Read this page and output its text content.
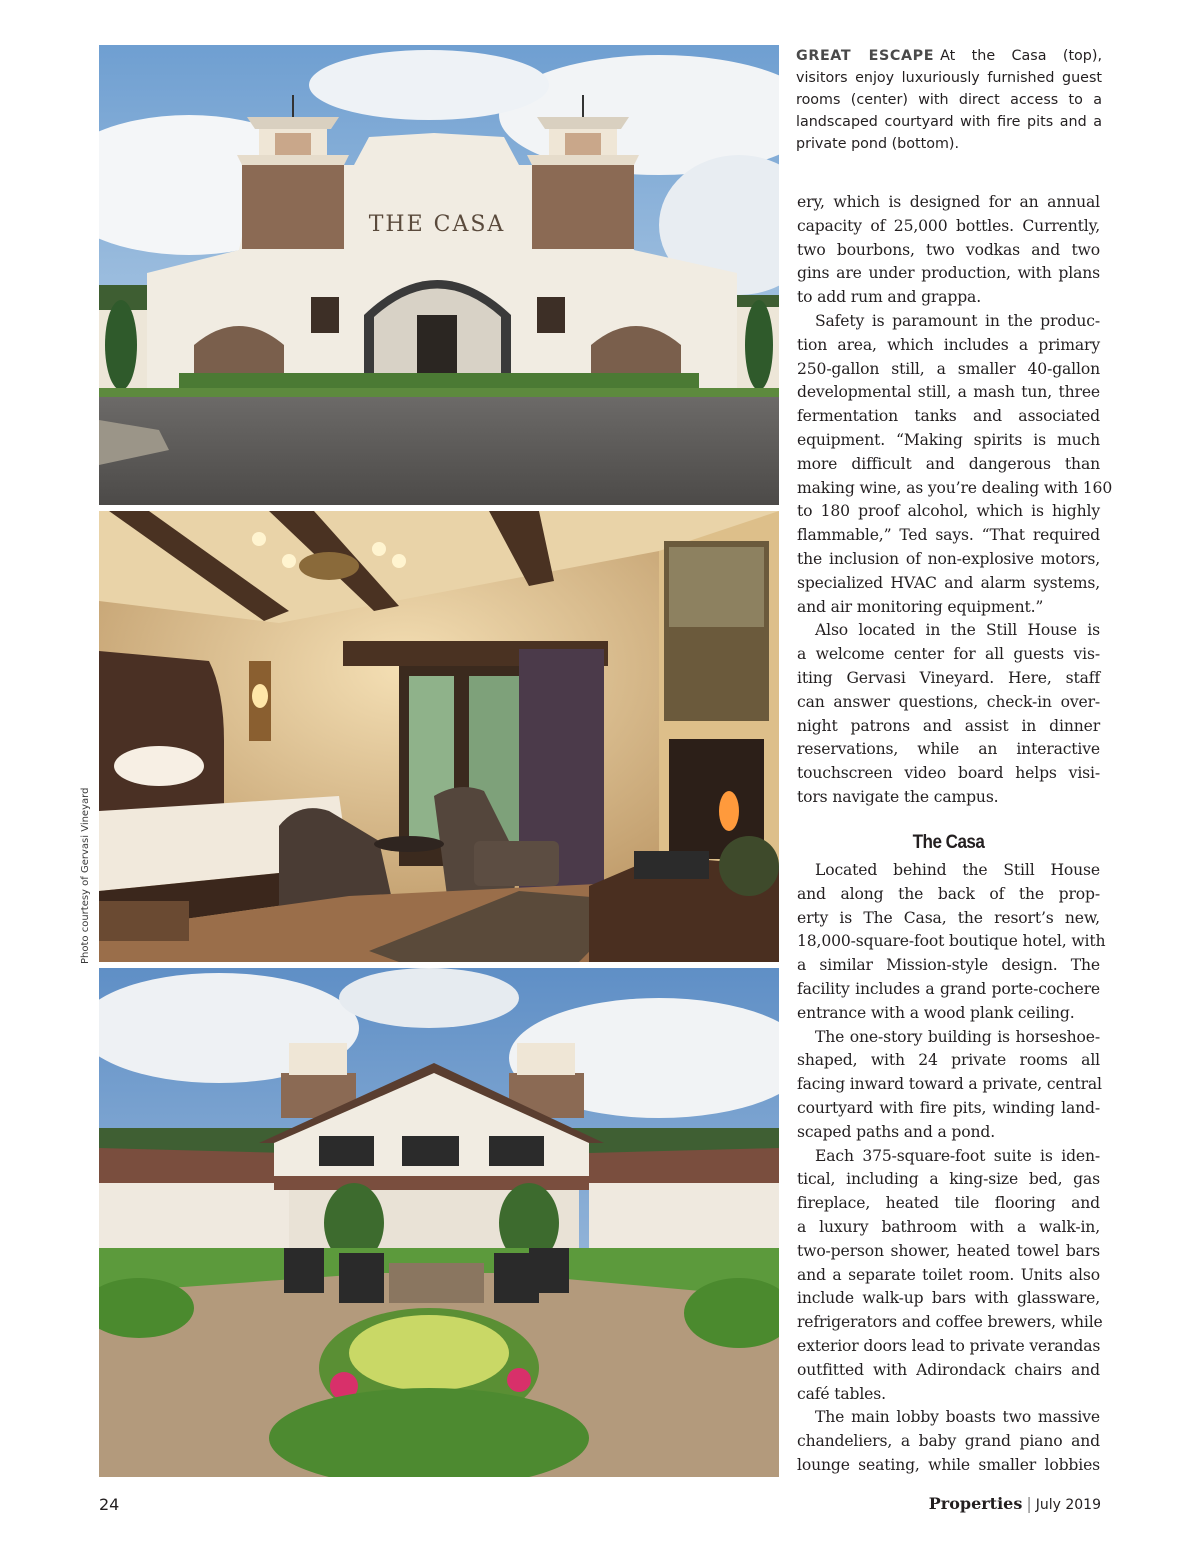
THE CASA
Photo courtesy of Gervasi Vineyard
GREAT ESCAPE At the Casa (top), visitors enjoy luxuriously furnished guest rooms (center) with direct access to a landscaped courtyard with fire pits and a private pond (bottom).
ery, which is designed for an annual
capacity of 25,000 bottles. Currently,
two bourbons, two vodkas and two
gins are under production, with plans
to add rum and grappa.
Safety is paramount in the produc-
tion area, which includes a primary
250-gallon still, a smaller 40-gallon
developmental still, a mash tun, three
fermentation tanks and associated
equipment. “Making spirits is much
more difficult and dangerous than
making wine, as you’re dealing with 160
to 180 proof alcohol, which is highly
flammable,” Ted says. “That required
the inclusion of non-explosive motors,
specialized HVAC and alarm systems,
and air monitoring equipment.”
Also located in the Still House is
a welcome center for all guests vis-
iting Gervasi Vineyard. Here, staff
can answer questions, check-in over-
night patrons and assist in dinner
reservations, while an interactive
touchscreen video board helps visi-
tors navigate the campus.
The Casa
Located behind the Still House
and along the back of the prop-
erty is The Casa, the resort’s new,
18,000-square-foot boutique hotel, with
a similar Mission-style design. The
facility includes a grand porte-cochere
entrance with a wood plank ceiling.
The one-story building is horseshoe-
shaped, with 24 private rooms all
facing inward toward a private, central
courtyard with fire pits, winding land-
scaped paths and a pond.
Each 375-square-foot suite is iden-
tical, including a king-size bed, gas
fireplace, heated tile flooring and
a luxury bathroom with a walk-in,
two-person shower, heated towel bars
and a separate toilet room. Units also
include walk-up bars with glassware,
refrigerators and coffee brewers, while
exterior doors lead to private verandas
outfitted with Adirondack chairs and
café tables.
The main lobby boasts two massive
chandeliers, a baby grand piano and
lounge seating, while smaller lobbies
24	Properties | July 2019
